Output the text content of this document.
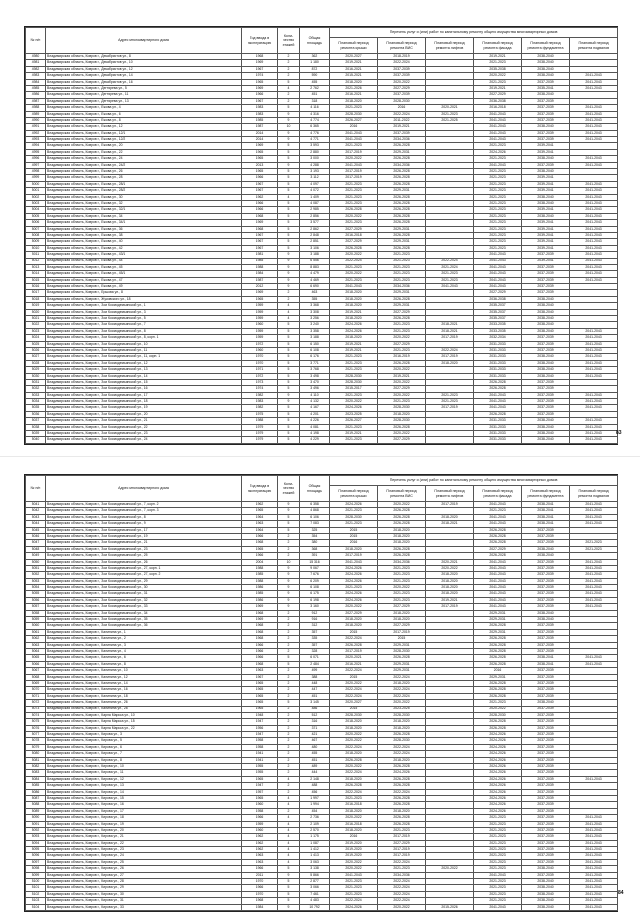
№ п/п	Адрес многоквартирного дома	Год ввода в эксплуатацию	Коли-чество этажей	Общая площадь	Перечень услуг и (или) работ по капитальному ремонту общего имущества многоквартирных домов					
					Плановый период ремонта крыши	Плановый период ремонта ВИС	Плановый период ремонта лифтов	Плановый период ремонта фасада	Плановый период ремонта фундамента	Плановый период ремонта подвалов
4980	Владимирская область, Ковров г., Декабристов ул., 8	1968	2	362	2020-2027	2018-2019		2019-2021	2038-2040	
4981	Владимирская область, Ковров г., Декабристов ул., 10	1969	2	1 180	2019-2021	2022-2024		2021-2023	2038-2040	
4982	Владимирская область, Ковров г., Декабристов ул., 12	1967	2	872	2016-2021	2037-2039		2035-2038	2038-2040	
4983	Владимирская область, Ковров г., Декабристов ул., 14	1974	2	590	2015-2021	2037-2039		2020-2022	2038-2040	2041-2043
4984	Владимирская область, Ковров г., Декабристов ул., 16	1965	5	455	2018-2020	2020-2022		2021-2023	2037-2039	2041-2043
4985	Владимирская область, Ковров г., Дегтярева ул., 5	1969	4	2 762	2021-2026	2027-2029		2019-2021	2035-2041	2041-2043
4986	Владимирская область, Ковров г., Дегтярева ул., 11	1966	2	451	2016-2021	2037-2039		2027-2029	2038-2040	
4987	Владимирская область, Ковров г., Дегтярева ул., 13	1967	2	318	2018-2020	2028-2030		2036-2038	2037-2039	
4988	Владимирская область, Ковров г., Ежова ул., 4	1983	5	4 116	2021-2023	2016	2020-2021	2016-2018	2037-2039	2041-2043
4989	Владимирская область, Ковров г., Ежова ул., 6	1983	9	4 316	2028-2030	2022-2024	2021-2023	2041-2043	2037-2039	2041-2043
4990	Владимирская область, Ковров г., Ежова ул., 8	1985	9	4 774	2026-2027	2011-2022	2021-2025	2041-2043	2037-2039	2041-2043
4991	Владимирская область, Ковров г., Ежова ул., 12	1987	10	6 365	2016	2019-2021		2041-2043	2038-2040	2041-2043
4992	Владимирская область, Ковров г., Ежова ул., 12/1	2014	9	4 776	2041-2043	2037-2039		2041-2043	2037-2039	2041-2043
4993	Владимирская область, Ковров г., Ежова ул., 12/2	2014	9	4 771	2041-2043	2034-2036		2041-2043	2037-2039	2041-2043
4994	Владимирская область, Ковров г., Ежова ул., 20	1969	5	3 593	2021-2023	2026-2028		2021-2023	2039-2041	
4995	Владимирская область, Ковров г., Ежова ул., 22	1965	5	2 880	2017-2019	2029-2031		2024-2026	2039-2041	
4996	Владимирская область, Ковров г., Ежова ул., 24	1965	5	3 000	2020-2022	2026-2028		2021-2023	2038-2040	2041-2043
4997	Владимирская область, Ковров г., Ежова ул., 24/2	2013	9	4 288	2041-2043	2034-2036		2041-2043	2037-2039	2041-2043
4998	Владимирская область, Ковров г., Ежова ул., 26	1965	5	3 193	2017-2019	2026-2028		2021-2023	2038-2040	
4999	Владимирская область, Ковров г., Ежова ул., 28	1966	5	3 112	2017-2019	2026-2028		2021-2023	2039-2041	
5000	Владимирская область, Ковров г., Ежова ул., 28/1	1967	5	4 097	2021-2023	2026-2028		2021-2023	2039-2041	2041-2043
5001	Владимирская область, Ковров г., Ежова ул., 28/2	1967	5	4 072	2021-2023	2029-2031		2021-2023	2039-2041	2041-2043
5002	Владимирская область, Ковров г., Ежова ул., 30	1962	4	1 409	2021-2023	2026-2028		2021-2023	2038-2040	2041-2043
5003	Владимирская область, Ковров г., Ежова ул., 32	1966	5	4 087	2021-2023	2026-2028		2021-2023	2038-2040	2041-2043
5004	Владимирская область, Ковров г., Ежова ул., 32/1	1966	5	2 985	2026-2028	2026-2028		2021-2023	2039-2041	2041-2043
5005	Владимирская область, Ковров г., Ежова ул., 34	1968	5	2 856	2020-2022	2026-2028		2021-2023	2038-2040	2041-2043
5006	Владимирская область, Ковров г., Ежова ул., 34/1	1969	5	3 577	2021-2023	2026-2028		2021-2023	2039-2041	2041-2043
5007	Владимирская область, Ковров г., Ежова ул., 36	1968	5	2 862	2027-2029	2029-2031		2021-2023	2039-2041	2041-2043
5008	Владимирская область, Ковров г., Ежова ул., 38	1967	5	2 848	2016-2018	2026-2028		2021-2023	2039-2041	2041-2043
5009	Владимирская область, Ковров г., Ежова ул., 40	1967	5	2 851	2027-2029	2029-2031		2021-2023	2039-2041	2041-2043
5010	Владимирская область, Ковров г., Ежова ул., 42	1967	5	3 106	2026-2028	2026-2028		2021-2023	2039-2041	2041-2043
5011	Владимирская область, Ковров г., Ежова ул., 43/1	1981	9	3 188	2020-2022	2021-2023		2041-2043	2037-2039	2041-2043
5012	Владимирская область, Ковров г., Ежова ул., 44	1985	9	6 556	2022-2024	2021-2023	2022-2024	2041-2043	2039-2041	2041-2043
5013	Владимирская область, Ковров г., Ежова ул., 45	1988	9	8 883	2021-2023	2021-2023	2021-2024	2041-2043	2037-2039	2041-2043
5014	Владимирская область, Ковров г., Ежова ул., 45/1	1984	9	4 479	2020-2022	2021-2023	2021-2023	2041-2043	2037-2039	2041-2043
5015	Владимирская область, Ковров г., Ежова ул., 47	1987	9	4 469	2021-2023	2021-2023	2021-2023	2041-2043	2037-2039	2041-2043
5016	Владимирская область, Ковров г., Ежова ул., 49	2012	9	6 690	2041-2043	2034-2036	2041-2043	2041-2043	2037-2039	
5017	Владимирская область, Ковров г., Ершова ул., 8	1969	2	463	2018-2020	2029-2031		2027-2029	2037-2039	
5018	Владимирская область, Ковров г., Жуковского ул., 18	1965	2	355	2018-2020	2026-2028		2036-2038	2038-2040	
5019	Владимирская область, Ковров г., Зои Космодемьянской ул., 1	1959	4	3 368	2018-2020	2029-2031		2035-2037	2038-2040	
5020	Владимирская область, Ковров г., Зои Космодемьянской ул., 3	1959	4	3 308	2019-2021	2027-2029		2035-2037	2038-2040	
5021	Владимирская область, Ковров г., Зои Космодемьянской ул., 5	1959	4	3 256	2018-2020	2026-2028		2035-2037	2038-2040	
5022	Владимирская область, Ковров г., Зои Космодемьянской ул., 7	1960	5	3 240	2024-2026	2021-2023	2018-2021	2033-2035	2038-2040	
5023	Владимирская область, Ковров г., Зои Космодемьянской ул., 8	1959	5	3 358	2024-2026	2021-2023	2018-2021	2033-2035	2038-2040	2041-2043
5024	Владимирская область, Ковров г., Зои Космодемьянской ул., 8, корп. 1	1959	5	3 188	2018-2020	2020-2022	2017-2019	2032-2034	2037-2039	2041-2043
5025	Владимирская область, Ковров г., Зои Космодемьянской ул., 10	1972	5	6 150	2019-2021	2027-2029		2031-2033	2037-2039	2041-2043
5026	Владимирская область, Ковров г., Зои Космодемьянской ул., 11	1960	5	6 108	2019-2021	2021-2023	2022-2024	2031-2033	2037-2039	2041-2043
5027	Владимирская область, Ковров г., Зои Космодемьянской ул., 11, корп. 1	1970	5	6 176	2021-2023	2016-2019	2017-2019	2031-2033	2038-2040	2041-2043
5028	Владимирская область, Ковров г., Зои Космодемьянской ул., 12	1970	5	3 771	2021-2023	2026-2028	2018-2020	2031-2033	2038-2040	2041-2043
5029	Владимирская область, Ковров г., Зои Космодемьянской ул., 13	1971	5	3 768	2021-2023	2020-2022		2031-2033	2038-2040	2041-2043
5030	Владимирская область, Ковров г., Зои Космодемьянской ул., 14	1972	5	3 498	2028-2030	2019-2021		2031-2033	2038-2040	2041-2043
5031	Владимирская область, Ковров г., Зои Космодемьянской ул., 15	1973	5	3 470	2028-2030	2020-2022		2026-2028	2037-2039	
5032	Владимирская область, Ковров г., Зои Космодемьянской ул., 16	1974	5	3 496	2015-2017	2027-2029		2026-2028	2037-2039	
5033	Владимирская область, Ковров г., Зои Космодемьянской ул., 17	1982	9	4 110	2021-2023	2020-2022	2021-2023	2041-2043	2037-2039	2041-2043
5034	Владимирская область, Ковров г., Зои Космодемьянской ул., 18	1983	9	4 132	2020-2022	2021-2023	2021-2023	2041-2043	2037-2039	2041-2043
5035	Владимирская область, Ковров г., Зои Космодемьянской ул., 19	1982	5	4 167	2024-2026	2028-2030	2017-2019	2041-2043	2037-2039	2041-2043
5036	Владимирская область, Ковров г., Зои Космодемьянской ул., 20	1975	5	4 201	2023-2025	2018-2020		2026-2028	2037-2039	
5037	Владимирская область, Ковров г., Зои Космодемьянской ул., 21	1988	5	4 226	2026-2027	2028-2030		2031-2033	2038-2040	2041-2043
5038	Владимирская область, Ковров г., Зои Космодемьянской ул., 22	1979	5	4 081	2021-2023	2026-2028		2031-2033	2038-2040	2041-2043
5039	Владимирская область, Ковров г., Зои Космодемьянской ул., 23	1979	5	4 198	2019-2021	2020-2022		2031-2033	2038-2040	2041-2043
5040	Владимирская область, Ковров г., Зои Космодемьянской ул., 24	1979	5	4 229	2021-2023	2027-2029		2031-2033	2038-2040	2041-2043
83
№ п/п	Адрес многоквартирного дома	Год ввода в эксплуатацию	Коли-чество этажей	Общая площадь	Перечень услуг и (или) работ по капитальному ремонту общего имущества многоквартирных домов					
					Плановый период ремонта крыши	Плановый период ремонта ВИС	Плановый период ремонта лифтов	Плановый период ремонта фасада	Плановый период ремонта фундамента	Плановый период ремонта подвалов
5041	Владимирская область, Ковров г., Зои Космодемьянской ул., 7, корп. 2	1962	9	6 358	2024-2026	2020-2022	2017-2019	2041-2043	2038-2041	2041-2043
5042	Владимирская область, Ковров г., Зои Космодемьянской ул., 7, корп. 3	1965	9	4 868	2021-2023	2026-2028		2021-2023	2038-2041	2041-2043
5043	Владимирская область, Ковров г., Зои Космодемьянской ул., 8	1964	5	6 106	2028-2030	2026-2028	2018-2020	2041-2043	2038-2041	2041-2043
5044	Владимирская область, Ковров г., Зои Космодемьянской ул., 9	1963	5	7 083	2021-2023	2026-2028	2018-2021	2041-2043	2038-2041	2041-2043
5045	Владимирская область, Ковров г., Зои Космодемьянской ул., 17	1964	5	325	2015	2018-2020		2026-2028	2037-2039	
5046	Владимирская область, Ковров г., Зои Космодемьянской ул., 19	1966	2	354	2015	2018-2020		2026-2028	2037-2039	
5047	Владимирская область, Ковров г., Зои Космодемьянской ул., 21	1968	2	380	2016	2018-2020		2026-2028	2037-2039	2021-2023
5048	Владимирская область, Ковров г., Зои Космодемьянской ул., 23	1965	2	368	2018-2020	2026-2028		2027-2029	2038-2040	2021-2023
5049	Владимирская область, Ковров г., Зои Космодемьянской ул., 25	1966	2	391	2017-2019	2026-2028		2026-2028	2038-2040	
5050	Владимирская область, Ковров г., Зои Космодемьянской ул., 26	2004	10	15 316	2041-2043	2034-2036	2020-2021	2041-2043	2037-2039	2041-2043
5051	Владимирская область, Ковров г., Зои Космодемьянской ул., 27, корп. 1	1988	9	9 067	2024-2026	2021-2023	2020-2022	2041-2043	2037-2039	2041-2043
5052	Владимирская область, Ковров г., Зои Космодемьянской ул., 27, корп. 2	1985	9	7 676	2024-2026	2021-2023	2018-2020	2041-2043	2037-2039	2041-2043
5053	Владимирская область, Ковров г., Зои Космодемьянской ул., 29	1988	9	6 209	2024-2026	2021-2023	2018-2020	2041-2043	2037-2039	2041-2043
5054	Владимирская область, Ковров г., Зои Космодемьянской ул., 30	1986	9	6 108	2021-2023	2020-2022	2018-2020	2041-2043	2037-2039	2041-2043
5055	Владимирская область, Ковров г., Зои Космодемьянской ул., 31	1985	9	6 175	2024-2026	2021-2023	2018-2020	2041-2043	2037-2039	2041-2043
5056	Владимирская область, Ковров г., Зои Космодемьянской ул., 32	1986	9	6 198	2024-2026	2021-2023	2019-2021	2041-2043	2037-2039	2041-2043
5057	Владимирская область, Ковров г., Зои Космодемьянской ул., 33	1969	9	3 160	2020-2022	2027-2029	2017-2019	2041-2043	2037-2039	2041-2043
5058	Владимирская область, Ковров г., Зои Космодемьянской ул., 34	1968	2	912	2027-2029	2018-2020		2029-2031	2038-2040	
5059	Владимирская область, Ковров г., Зои Космодемьянской ул., 35	1969	2	916	2018-2020	2018-2020		2029-2031	2038-2040	
5060	Владимирская область, Ковров г., Зои Космодемьянской ул., 36	1968	2	312	2018-2020	2027-2029		2026-2028	2037-2039	
5061	Владимирская область, Ковров г., Калинина ул., 1	1968	2	357	2015	2017-2019		2029-2031	2037-2039	
5062	Владимирская область, Ковров г., Калинина ул., 2	1968	2	335	2022-2024	2015		2026-2028	2037-2039	
5063	Владимирская область, Ковров г., Калинина ул., 3	1966	2	357	2026-2028	2029-2031		2026-2028	2037-2039	
5064	Владимирская область, Ковров г., Калинина ул., 4	1966	2	328	2017-2019	2028-2030		2026-2028	2037-2039	
5065	Владимирская область, Ковров г., Калинина ул., 6	1966	5	6 071	2020-2021	2026-2028		2026-2028	2038-2041	2041-2043
5066	Владимирская область, Ковров г., Калинина ул., 8	1968	5	2 484	2016-2021	2029-2031		2026-2028	2038-2041	2041-2043
5067	Владимирская область, Ковров г., Калинина ул., 10	1963	2	499	2022-2024	2029-2031		2016	2037-2039	
5068	Владимирская область, Ковров г., Калинина ул., 12	1967	2	388	2015	2022-2024		2029-2031	2037-2039	
5069	Владимирская область, Ковров г., Калинина ул., 14	1965	2	448	2020-2022	2018-2020		2026-2028	2037-2039	
5070	Владимирская область, Ковров г., Калинина ул., 16	1965	2	447	2022-2024	2022-2024		2026-2028	2037-2039	
5071	Владимирская область, Ковров г., Калинина ул., 18	1965	2	451	2022-2024	2022-2024		2026-2028	2037-2039	
5072	Владимирская область, Ковров г., Калинина ул., 26	1965	5	3 145	2020-2027	2020-2022		2021-2023	2038-2040	
5073	Владимирская область, Ковров г., Калинина ул., 28	1965	2	486	2015	2023-2025		2020-2022	2037-2039	
5074	Владимирская область, Ковров г., Карла Маркса ул., 10	1948	2	512	2028-2030	2028-2030		2028-2030	2037-2039	
5075	Владимирская область, Ковров г., Карла Маркса ул., 15	1947	2	316	2018-2020	2018-2020		2026-2028	2037-2039	
5076	Владимирская область, Ковров г., Карла Маркса ул., 22	1956	2	371	2018-2020	2018-2020		2026-2028	2037-2039	
5077	Владимирская область, Ковров г., Кирова ул., 3	1947	2	421	2020-2022	2026-2028		2024-2026	2037-2039	
5078	Владимирская область, Ковров г., Кирова ул., 5	1958	2	467	2020-2022	2028-2030		2024-2026	2037-2039	
5079	Владимирская область, Ковров г., Кирова ул., 6	1958	2	480	2022-2024	2022-2024		2024-2026	2037-2039	
5080	Владимирская область, Ковров г., Кирова ул., 7	1941	2	455	2018-2020	2022-2024		2024-2026	2037-2039	
5081	Владимирская область, Ковров г., Кирова ул., 8	1941	2	451	2026-2028	2018-2020		2024-2026	2037-2039	
5082	Владимирская область, Ковров г., Кирова ул., 10	1955	2	489	2020-2022	2026-2028		2024-2026	2037-2039	
5083	Владимирская область, Ковров г., Кирова ул., 11	1955	2	444	2022-2024	2024-2026		2024-2026	2037-2039	
5084	Владимирская область, Ковров г., Кирова ул., 12	1965	4	2 148	2018-2020	2026-2028		2024-2026	2037-2039	2041-2043
5085	Владимирская область, Ковров г., Кирова ул., 13	1947	2	488	2026-2028	2026-2028		2024-2026	2037-2039	
5086	Владимирская область, Ковров г., Кирова ул., 14	1957	2	456	2022-2024	2022-2024		2024-2026	2037-2039	
5087	Владимирская область, Ковров г., Кирова ул., 15	1965	4	1 997	2021-2023	2026-2028		2024-2026	2037-2039	
5088	Владимирская область, Ковров г., Кирова ул., 16	1960	4	1 994	2016-2018	2026-2028		2024-2026	2037-2039	
5089	Владимирская область, Ковров г., Кирова ул., 17	1958	2	454	2018-2020	2018-2020		2024-2026	2037-2039	
5090	Владимирская область, Ковров г., Кирова ул., 18	1966	4	2 736	2020-2022	2026-2028		2021-2023	2037-2039	2041-2043
5091	Владимирская область, Ковров г., Кирова ул., 19	1959	4	2 109	2016-2018	2026-2028		2021-2023	2037-2039	2041-2043
5092	Владимирская область, Ковров г., Кирова ул., 20	1960	4	2 570	2018-2020	2021-2023		2021-2023	2037-2039	2041-2043
5093	Владимирская область, Ковров г., Кирова ул., 21	1962	4	1 175	2016	2017-2019		2021-2023	2037-2039	2041-2043
5094	Владимирская область, Ковров г., Кирова ул., 22	1962	4	1 087	2019-2020	2027-2029		2021-2023	2037-2039	2041-2043
5095	Владимирская область, Ковров г., Кирова ул., 23	1962	4	1 412	2019-2020	2017-2019		2021-2023	2037-2039	2041-2043
5096	Владимирская область, Ковров г., Кирова ул., 24	1963	4	1 413	2019-2020	2017-2019		2021-2023	2037-2039	2041-2043
5097	Владимирская область, Ковров г., Кирова ул., 25	1963	4	3 063	2020-2022	2022-2024		2021-2023	2037-2039	2041-2043
5098	Владимирская область, Ковров г., Кирова ул., 26	1966	5	3 138	2020-2022	2021-2023	2020-2022	2021-2023	2038-2040	2041-2043
5099	Владимирская область, Ковров г., Кирова ул., 27	2011	9	5 866	2041-2043	2034-2036		2041-2043	2037-2039	2041-2043
5100	Владимирская область, Ковров г., Кирова ул., 28	1970	5	2 877	2021-2023	2022-2024		2021-2023	2038-2040	2041-2043
5101	Владимирская область, Ковров г., Кирова ул., 29	1966	5	3 066	2021-2023	2022-2024		2021-2023	2038-2040	2041-2043
5102	Владимирская область, Ковров г., Кирова ул., 30	1970	5	7 461	2021-2023	2022-2024		2021-2023	2038-2040	2041-2043
5103	Владимирская область, Ковров г., Кирова ул., 31	1968	5	4 483	2022-2024	2022-2024		2021-2023	2038-2040	2041-2043
5104	Владимирская область, Ковров г., Кирова ул., 33	1984	9	10 792	2024-2026	2020-2022	2015-2026	2041-2043	2038-2040	2041-2043
84
